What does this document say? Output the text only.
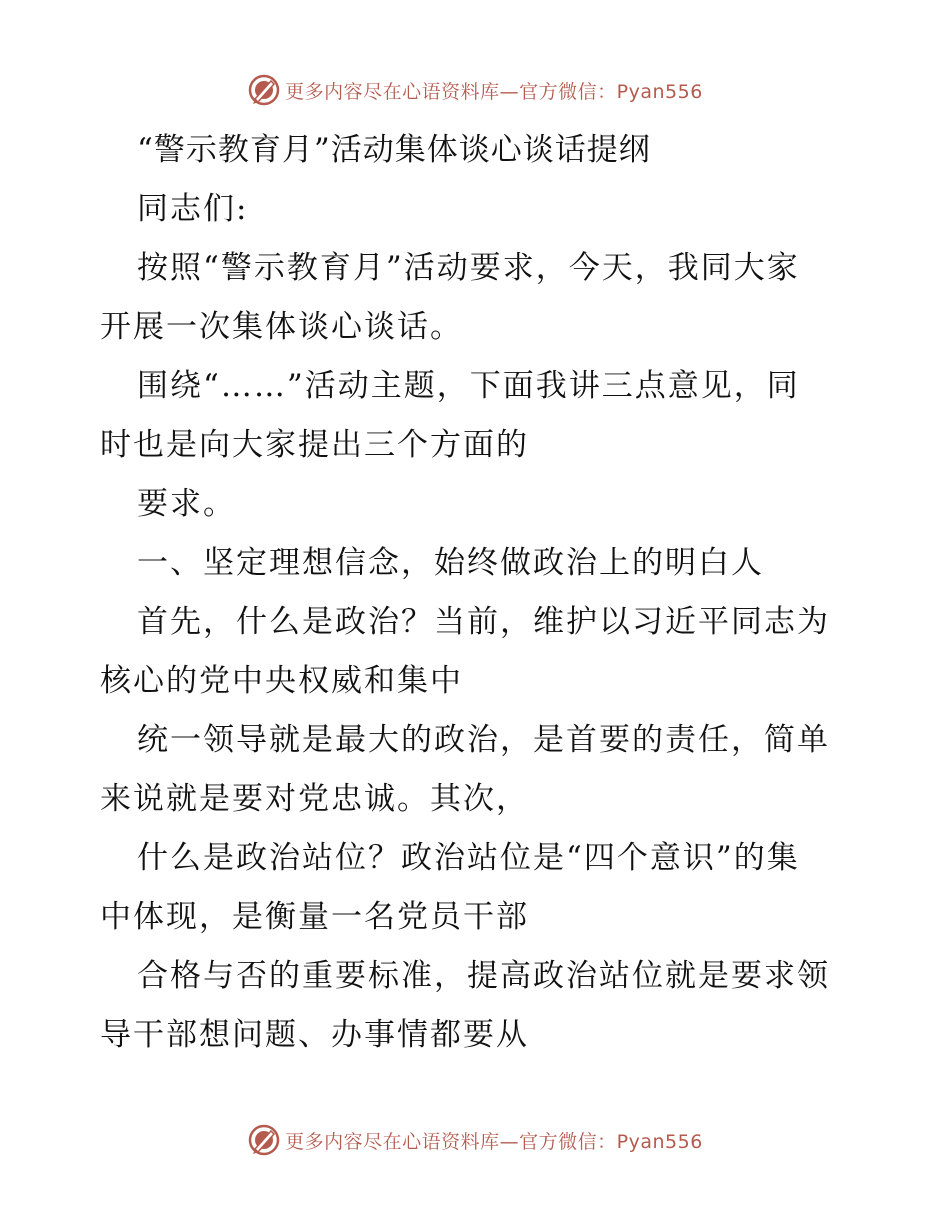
更多内容尽在心语资料库—官方微信：Pyan556
“警示教育月”活动集体谈心谈话提纲
同志们:
按照“警示教育月”活动要求，今天，我同大家
开展一次集体谈心谈话。
围绕“……”活动主题，下面我讲三点意见，同
时也是向大家提出三个方面的
要求。
一、坚定理想信念，始终做政治上的明白人
首先，什么是政治？当前，维护以习近平同志为
核心的党中央权威和集中
统一领导就是最大的政治，是首要的责任，简单
来说就是要对党忠诚。其次，
什么是政治站位？政治站位是“四个意识”的集
中体现，是衡量一名党员干部
合格与否的重要标准，提高政治站位就是要求领
导干部想问题、办事情都要从
更多内容尽在心语资料库—官方微信：Pyan556
